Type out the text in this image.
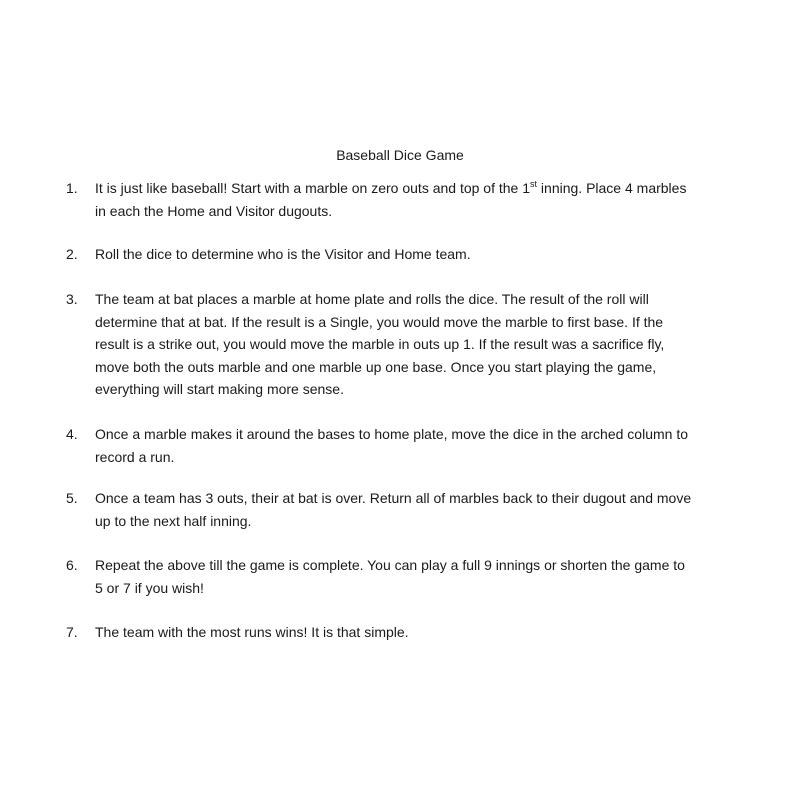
Baseball Dice Game
1.	It is just like baseball! Start with a marble on zero outs and top of the 1st inning. Place 4 marbles
in each the Home and Visitor dugouts.
2.	Roll the dice to determine who is the Visitor and Home team.
3.	The team at bat places a marble at home plate and rolls the dice. The result of the roll will
determine that at bat. If the result is a Single, you would move the marble to first base. If the
result is a strike out, you would move the marble in outs up 1. If the result was a sacrifice fly,
move both the outs marble and one marble up one base. Once you start playing the game,
everything will start making more sense.
4.	Once a marble makes it around the bases to home plate, move the dice in the arched column to
record a run.
5.	Once a team has 3 outs, their at bat is over. Return all of marbles back to their dugout and move
up to the next half inning.
6.	Repeat the above till the game is complete. You can play a full 9 innings or shorten the game to
5 or 7 if you wish!
7.	The team with the most runs wins! It is that simple.
